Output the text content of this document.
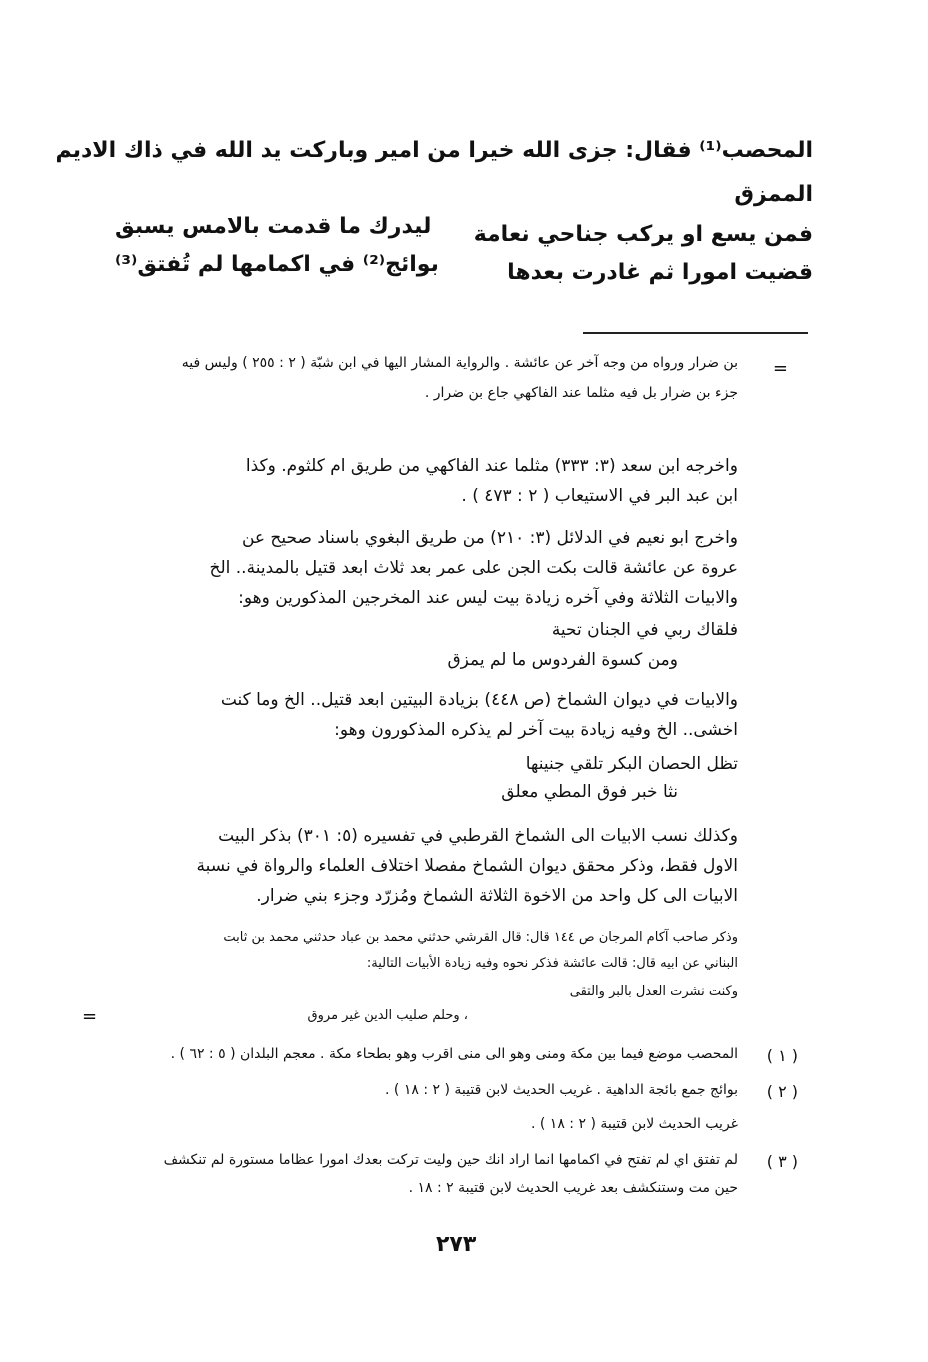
المحصب⁽¹⁾ فقال: جزى الله خيرا من امير وباركت يد الله في ذاك الاديم
الممزق
فمن يسع او يركب جناحي نعامة
ليدرك ما قدمت بالامس يسبق
قضيت امورا ثم غادرت بعدها
بوائج⁽²⁾ في اكمامها لم تُفتق⁽³⁾
=
بن ضرار ورواه من وجه آخر عن عائشة . والرواية المشار اليها في ابن شبّة ( ٢ : ٢٥٥ ) وليس فيه
جزء بن ضرار بل فيه مثلما عند الفاكهي جاع بن ضرار .
واخرجه ابن سعد (٣: ٣٣٣) مثلما عند الفاكهي من طريق ام كلثوم. وكذا
ابن عبد البر في الاستيعاب ( ٢ : ٤٧٣ ) .
واخرج ابو نعيم في الدلائل (٣: ٢١٠) من طريق البغوي باسناد صحيح عن
عروة عن عائشة قالت بكت الجن على عمر بعد ثلاث ابعد قتيل بالمدينة.. الخ
والابيات الثلاثة وفي آخره زيادة بيت ليس عند المخرجين المذكورين وهو:
فلقاك ربي في الجنان تحية
ومن كسوة الفردوس ما لم يمزق
والابيات في ديوان الشماخ (ص ٤٤٨) بزيادة البيتين ابعد قتيل.. الخ وما كنت
اخشى.. الخ وفيه زيادة بيت آخر لم يذكره المذكورون وهو:
تظل الحصان البكر تلقي جنينها
نثا خبر فوق المطي معلق
وكذلك نسب الابيات الى الشماخ القرطبي في تفسيره (٥: ٣٠١) بذكر البيت
الاول فقط، وذكر محقق ديوان الشماخ مفصلا اختلاف العلماء والرواة في نسبة
الابيات الى كل واحد من الاخوة الثلاثة الشماخ ومُزرّد وجزء بني ضرار.
وذكر صاحب آكام المرجان ص ١٤٤ قال: قال القرشي حدثني محمد بن عباد حدثني محمد بن ثابت
البناني عن ابيه قال: قالت عائشة فذكر نحوه وفيه زيادة الأبيات التالية:
وكنت نشرت العدل بالبر والتقى
، وحلم صليب الدين غير مروق
=
( ١ )
المحصب موضع فيما بين مكة ومنى وهو الى منى اقرب وهو بطحاء مكة . معجم البلدان ( ٥ : ٦٢ ) .
( ٢ )
بوائج جمع بائجة الداهية . غريب الحديث لابن قتيبة ( ٢ : ١٨ ) .
غريب الحديث لابن قتيبة ( ٢ : ١٨ ) .
( ٣ )
لم تفتق اي لم تفتح في اكمامها انما اراد انك حين وليت تركت بعدك امورا عظاما مستورة لم تنكشف
حين مت وستنكشف بعد غريب الحديث لابن قتيبة ٢ : ١٨ .
٢٧٣
